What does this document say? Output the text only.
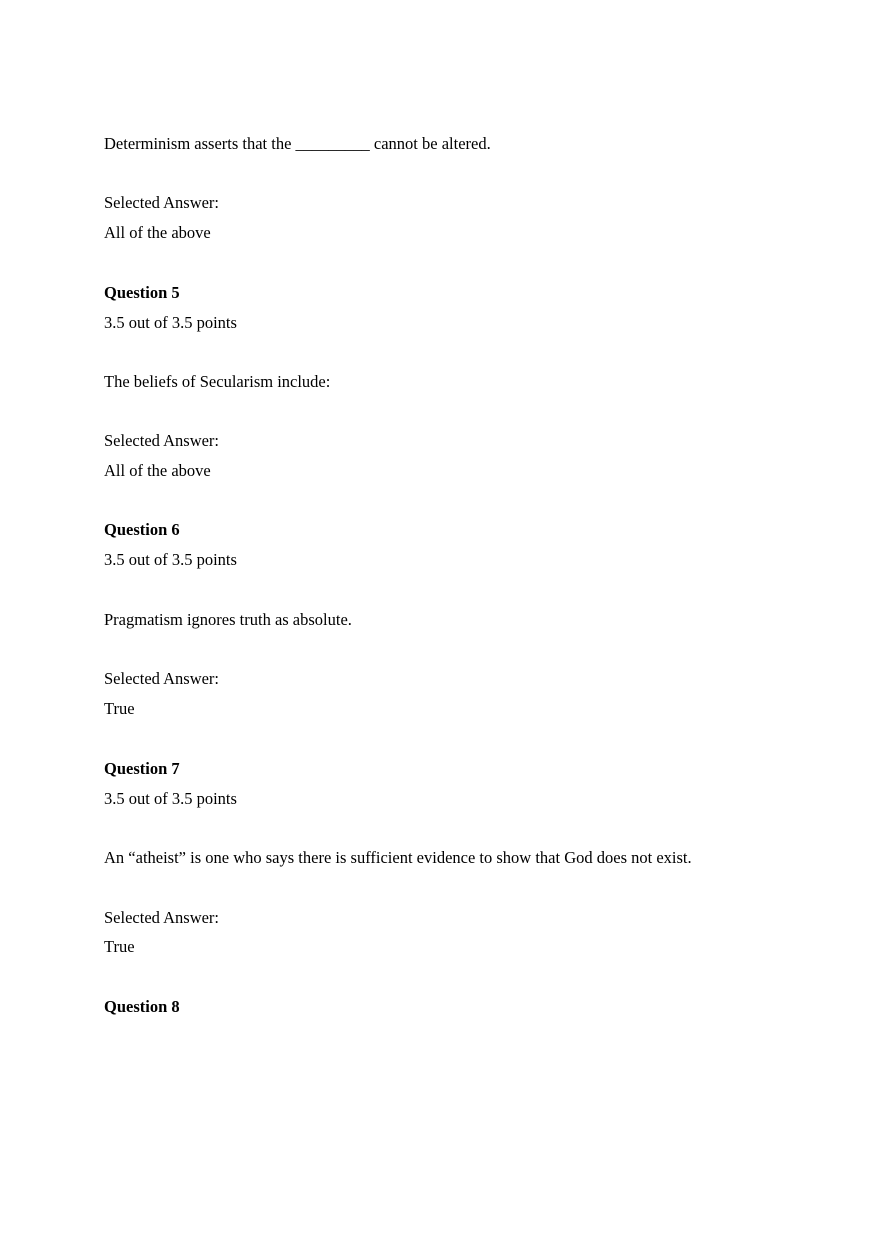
Determinism asserts that the _________ cannot be altered.
Selected Answer:
All of the above
Question 5
3.5 out of 3.5 points
The beliefs of Secularism include:
Selected Answer:
All of the above
Question 6
3.5 out of 3.5 points
Pragmatism ignores truth as absolute.
Selected Answer:
True
Question 7
3.5 out of 3.5 points
An “atheist” is one who says there is sufficient evidence to show that God does not exist.
Selected Answer:
True
Question 8
